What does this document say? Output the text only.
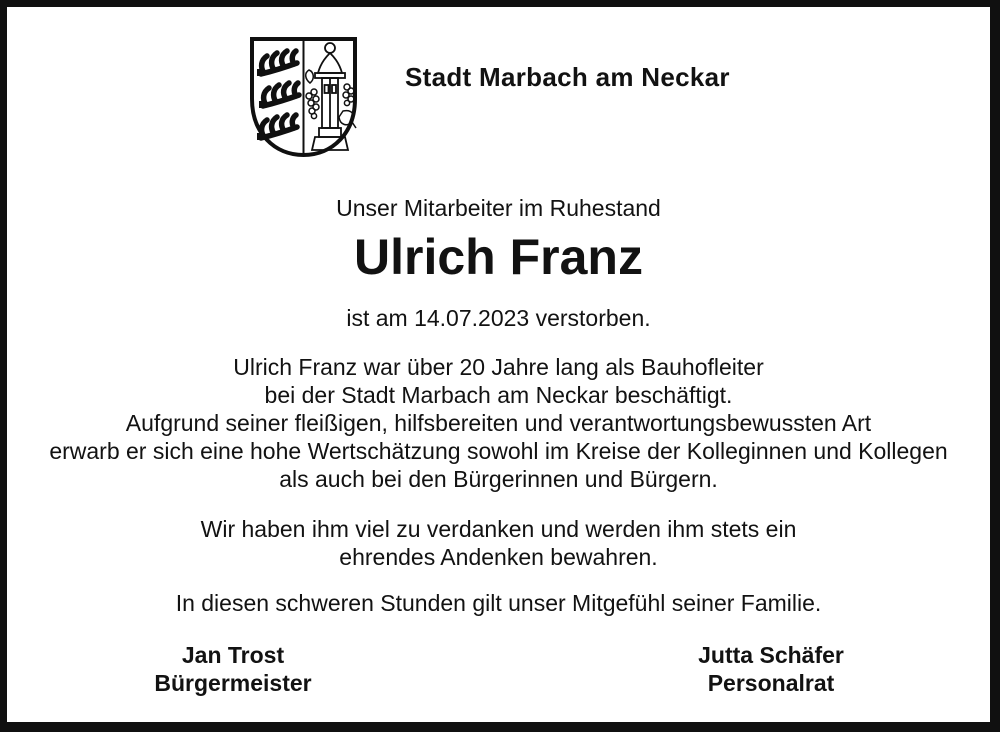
Stadt Marbach am Neckar
Unser Mitarbeiter im Ruhestand
Ulrich Franz
ist am 14.07.2023 verstorben.
Ulrich Franz war über 20 Jahre lang als Bauhofleiter
bei der Stadt Marbach am Neckar beschäftigt.
Aufgrund seiner fleißigen, hilfsbereiten und verantwortungsbewussten Art
erwarb er sich eine hohe Wertschätzung sowohl im Kreise der Kolleginnen und Kollegen
als auch bei den Bürgerinnen und Bürgern.
Wir haben ihm viel zu verdanken und werden ihm stets ein
ehrendes Andenken bewahren.
In diesen schweren Stunden gilt unser Mitgefühl seiner Familie.
Jan Trost
Bürgermeister
Jutta Schäfer
Personalrat
